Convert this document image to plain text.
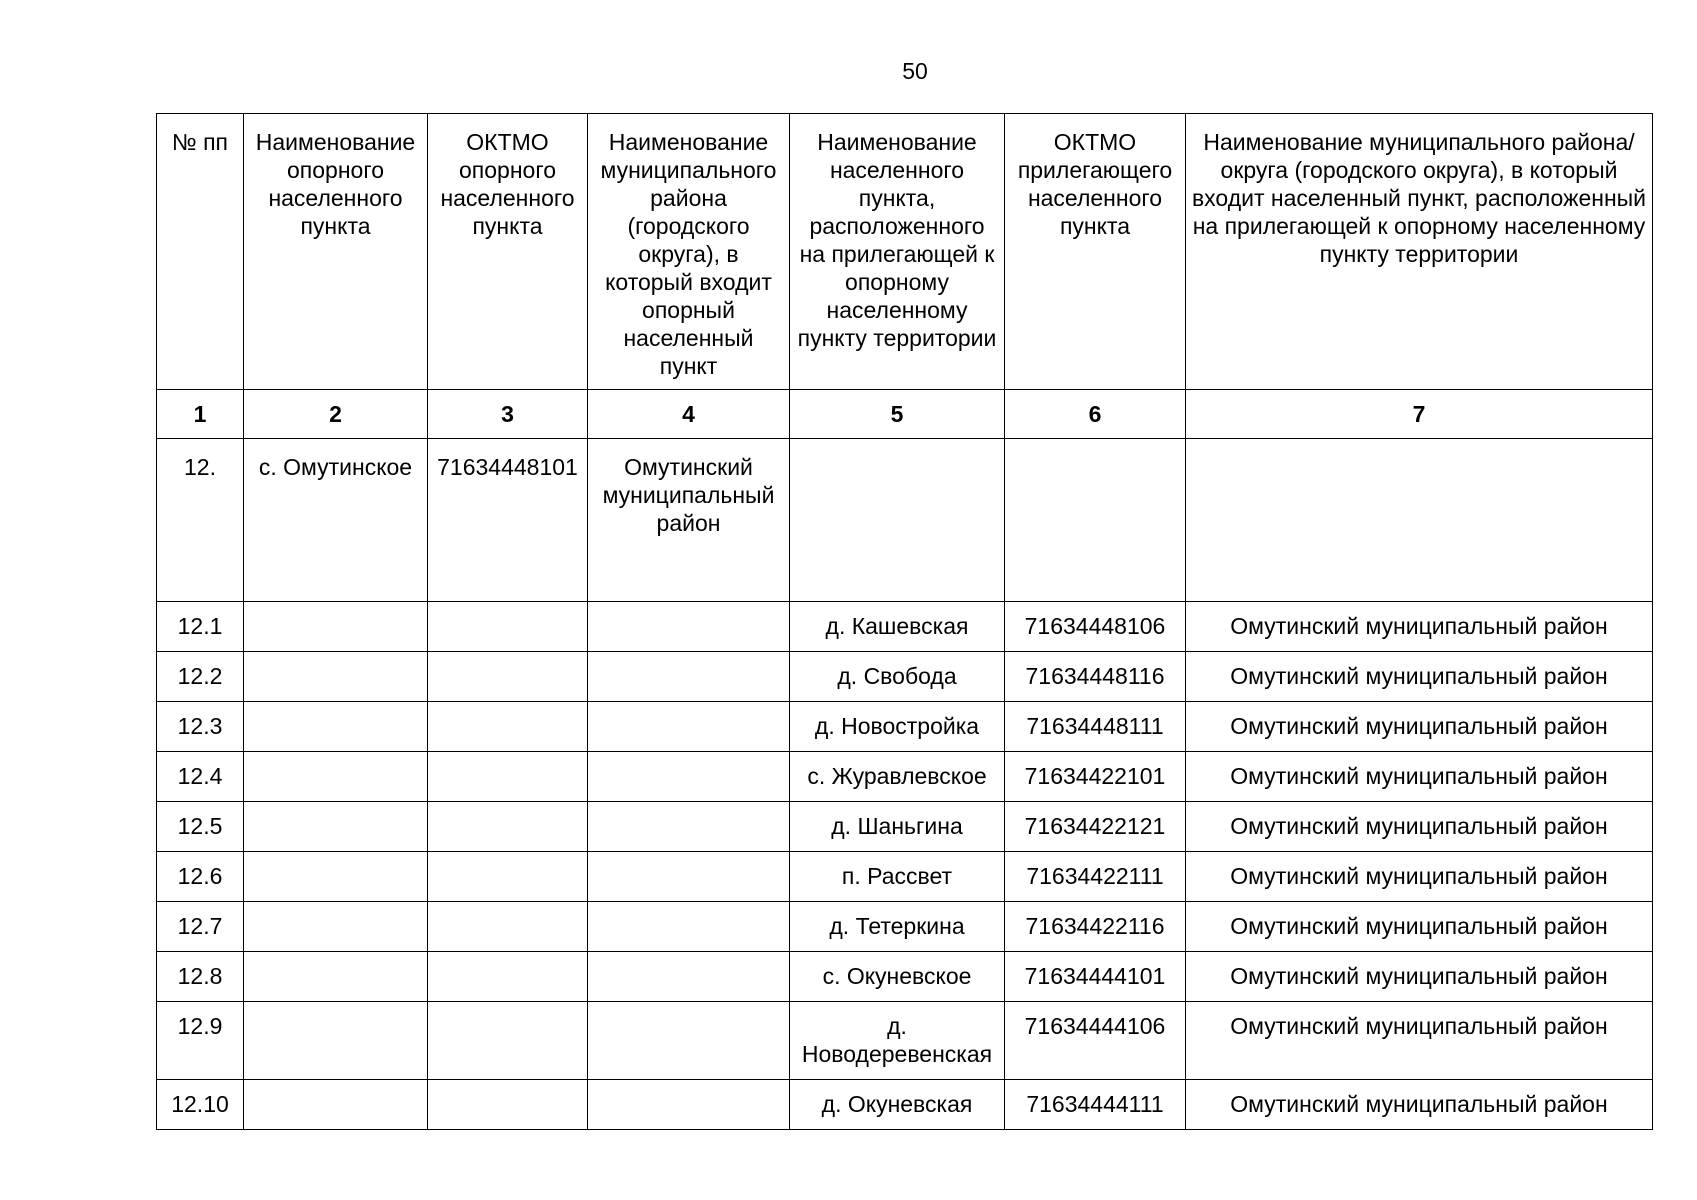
50
№ пп	Наименование опорного населенного пункта	ОКТМО опорного населенного пункта	Наименование муниципального района (городского округа), в который входит опорный населенный пункт	Наименование населенного пункта, расположенного на прилегающей к опорному населенному пункту территории	ОКТМО прилегающего населенного пункта	Наименование муниципального района/округа (городского округа), в который входит населенный пункт, расположенный на прилегающей к опорному населенному пункту территории

1	2	3	4	5	6	7
12.	с. Омутинское	71634448101	Омутинский муниципальный район			
12.1				д. Кашевская	71634448106	Омутинский муниципальный район
12.2				д. Свобода	71634448116	Омутинский муниципальный район
12.3				д. Новостройка	71634448111	Омутинский муниципальный район
12.4				с. Журавлевское	71634422101	Омутинский муниципальный район
12.5				д. Шаньгина	71634422121	Омутинский муниципальный район
12.6				п. Рассвет	71634422111	Омутинский муниципальный район
12.7				д. Тетеркина	71634422116	Омутинский муниципальный район
12.8				с. Окуневское	71634444101	Омутинский муниципальный район
12.9				д. Новодеревенская	71634444106	Омутинский муниципальный район
12.10				д. Окуневская	71634444111	Омутинский муниципальный район
